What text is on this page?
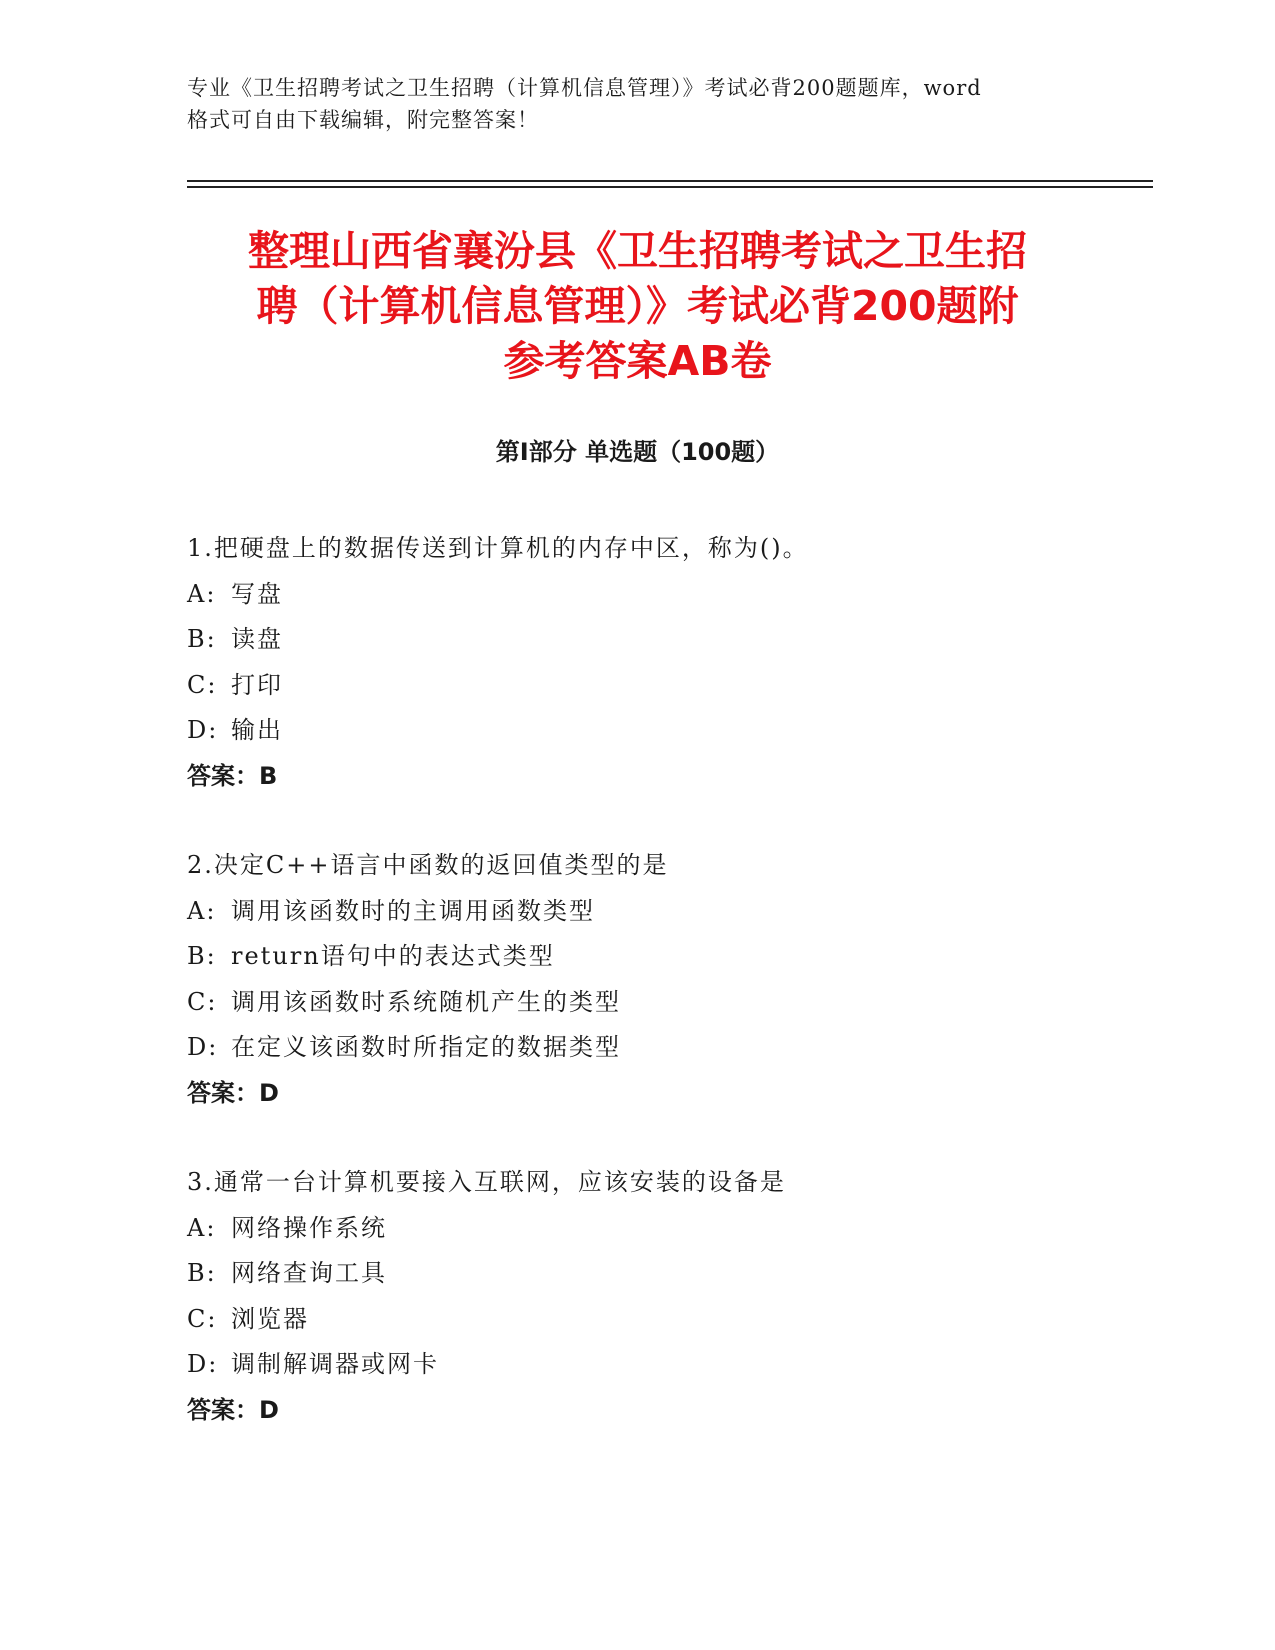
专业《卫生招聘考试之卫生招聘（计算机信息管理）》考试必背200题题库，word
格式可自由下载编辑，附完整答案！
整理山西省襄汾县《卫生招聘考试之卫生招
聘（计算机信息管理）》考试必背200题附
参考答案AB卷
第Ⅰ部分 单选题（100题）
1.把硬盘上的数据传送到计算机的内存中区，称为()。
A: 写盘
B: 读盘
C: 打印
D: 输出
答案：B
2.决定C++语言中函数的返回值类型的是
A: 调用该函数时的主调用函数类型
B: return语句中的表达式类型
C: 调用该函数时系统随机产生的类型
D: 在定义该函数时所指定的数据类型
答案：D
3.通常一台计算机要接入互联网，应该安装的设备是
A: 网络操作系统
B: 网络查询工具
C: 浏览器
D: 调制解调器或网卡
答案：D
